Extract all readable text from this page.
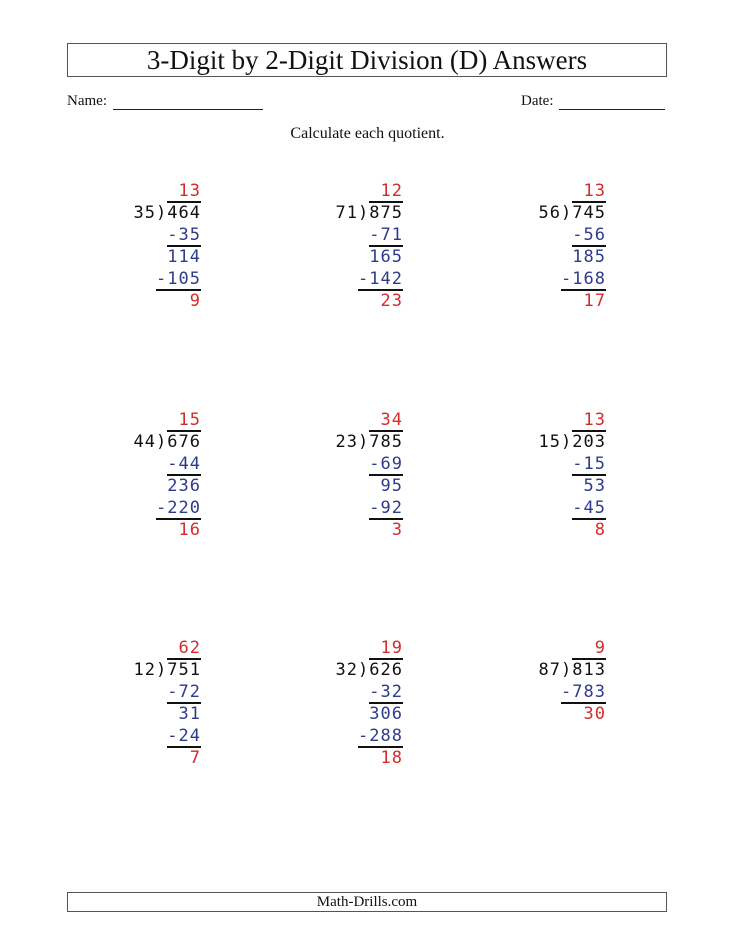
3-Digit by 2-Digit Division (D) Answers
Name:	Date:
Calculate each quotient.
13
35)464
-35
114
-105
9
12
71)875
-71
165
-142
23
13
56)745
-56
185
-168
17
15
44)676
-44
236
-220
16
34
23)785
-69
95
-92
3
13
15)203
-15
53
-45
8
62
12)751
-72
31
-24
7
19
32)626
-32
306
-288
18
9
87)813
-783
30
Math-Drills.com
